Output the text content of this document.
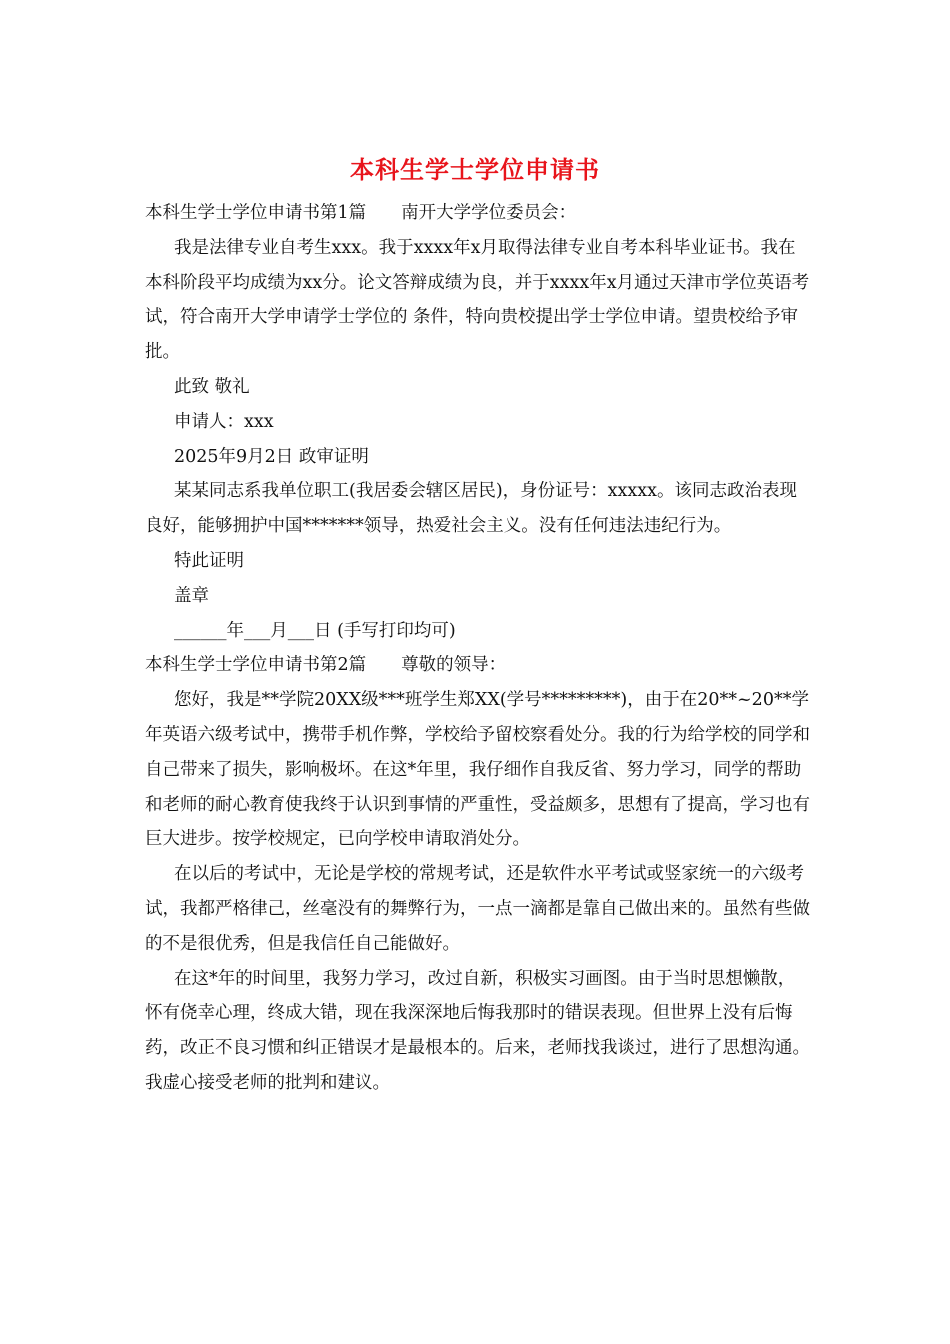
本科生学士学位申请书

本科生学士学位申请书第1篇　　南开大学学位委员会：

我是法律专业自考生xxx。我于xxxx年x月取得法律专业自考本科毕业证书。我在本科阶段平均成绩为xx分。论文答辩成绩为良，并于xxxx年x月通过天津市学位英语考试，符合南开大学申请学士学位的 条件，特向贵校提出学士学位申请。望贵校给予审批。

此致 敬礼

申请人：xxx

2025年9月2日 政审证明

某某同志系我单位职工(我居委会辖区居民)，身份证号：xxxxx。该同志政治表现良好，能够拥护中国*******领导，热爱社会主义。没有任何违法违纪行为。

特此证明

盖章

______年___月___日 (手写打印均可)

本科生学士学位申请书第2篇　　尊敬的领导：

您好，我是**学院20XX级***班学生郑XX(学号*********)，由于在20**~20**学年英语六级考试中，携带手机作弊，学校给予留校察看处分。我的行为给学校的同学和自己带来了损失，影响极坏。在这*年里，我仔细作自我反省、努力学习，同学的帮助和老师的耐心教育使我终于认识到事情的严重性，受益颇多，思想有了提高，学习也有巨大进步。按学校规定，已向学校申请取消处分。

在以后的考试中，无论是学校的常规考试，还是软件水平考试或竖家统一的六级考试，我都严格律己，丝毫没有的舞弊行为，一点一滴都是靠自己做出来的。虽然有些做的不是很优秀，但是我信任自己能做好。

在这*年的时间里，我努力学习，改过自新，积极实习画图。由于当时思想懒散，怀有侥幸心理，终成大错，现在我深深地后悔我那时的错误表现。但世界上没有后悔药，改正不良习惯和纠正错误才是最根本的。后来，老师找我谈过，进行了思想沟通。我虚心接受老师的批判和建议。
